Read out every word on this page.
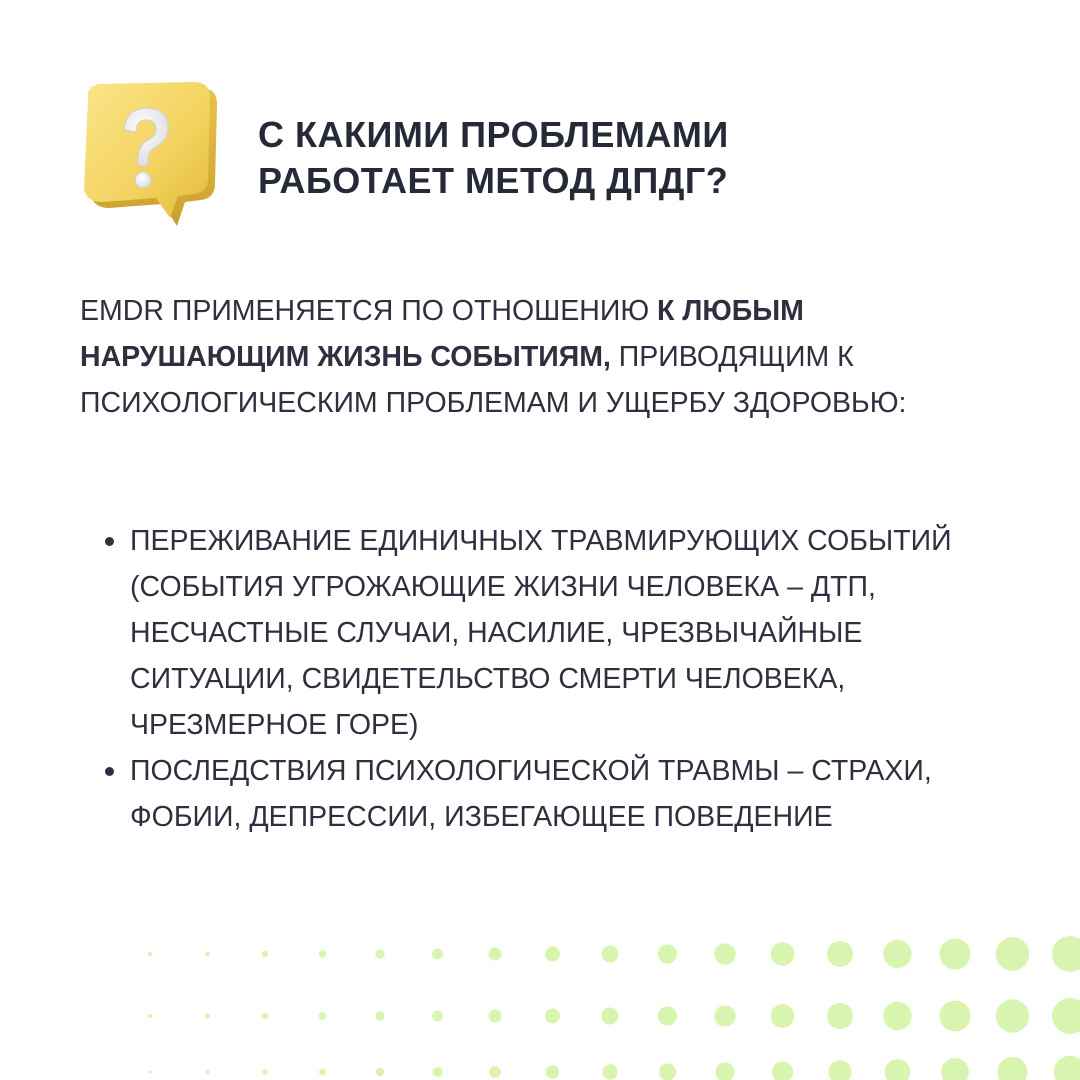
С КАКИМИ ПРОБЛЕМАМИ
РАБОТАЕТ МЕТОД ДПДГ?
EMDR ПРИМЕНЯЕТСЯ ПО ОТНОШЕНИЮ К ЛЮБЫМ НАРУШАЮЩИМ ЖИЗНЬ СОБЫТИЯМ, ПРИВОДЯЩИМ К ПСИХОЛОГИЧЕСКИМ ПРОБЛЕМАМ И УЩЕРБУ ЗДОРОВЬЮ:
ПЕРЕЖИВАНИЕ ЕДИНИЧНЫХ ТРАВМИРУЮЩИХ СОБЫТИЙ (СОБЫТИЯ УГРОЖАЮЩИЕ ЖИЗНИ ЧЕЛОВЕКА – ДТП, НЕСЧАСТНЫЕ СЛУЧАИ, НАСИЛИЕ, ЧРЕЗВЫЧАЙНЫЕ СИТУАЦИИ, СВИДЕТЕЛЬСТВО СМЕРТИ ЧЕЛОВЕКА, ЧРЕЗМЕРНОЕ ГОРЕ)
ПОСЛЕДСТВИЯ ПСИХОЛОГИЧЕСКОЙ ТРАВМЫ – СТРАХИ, ФОБИИ, ДЕПРЕССИИ, ИЗБЕГАЮЩЕЕ ПОВЕДЕНИЕ
